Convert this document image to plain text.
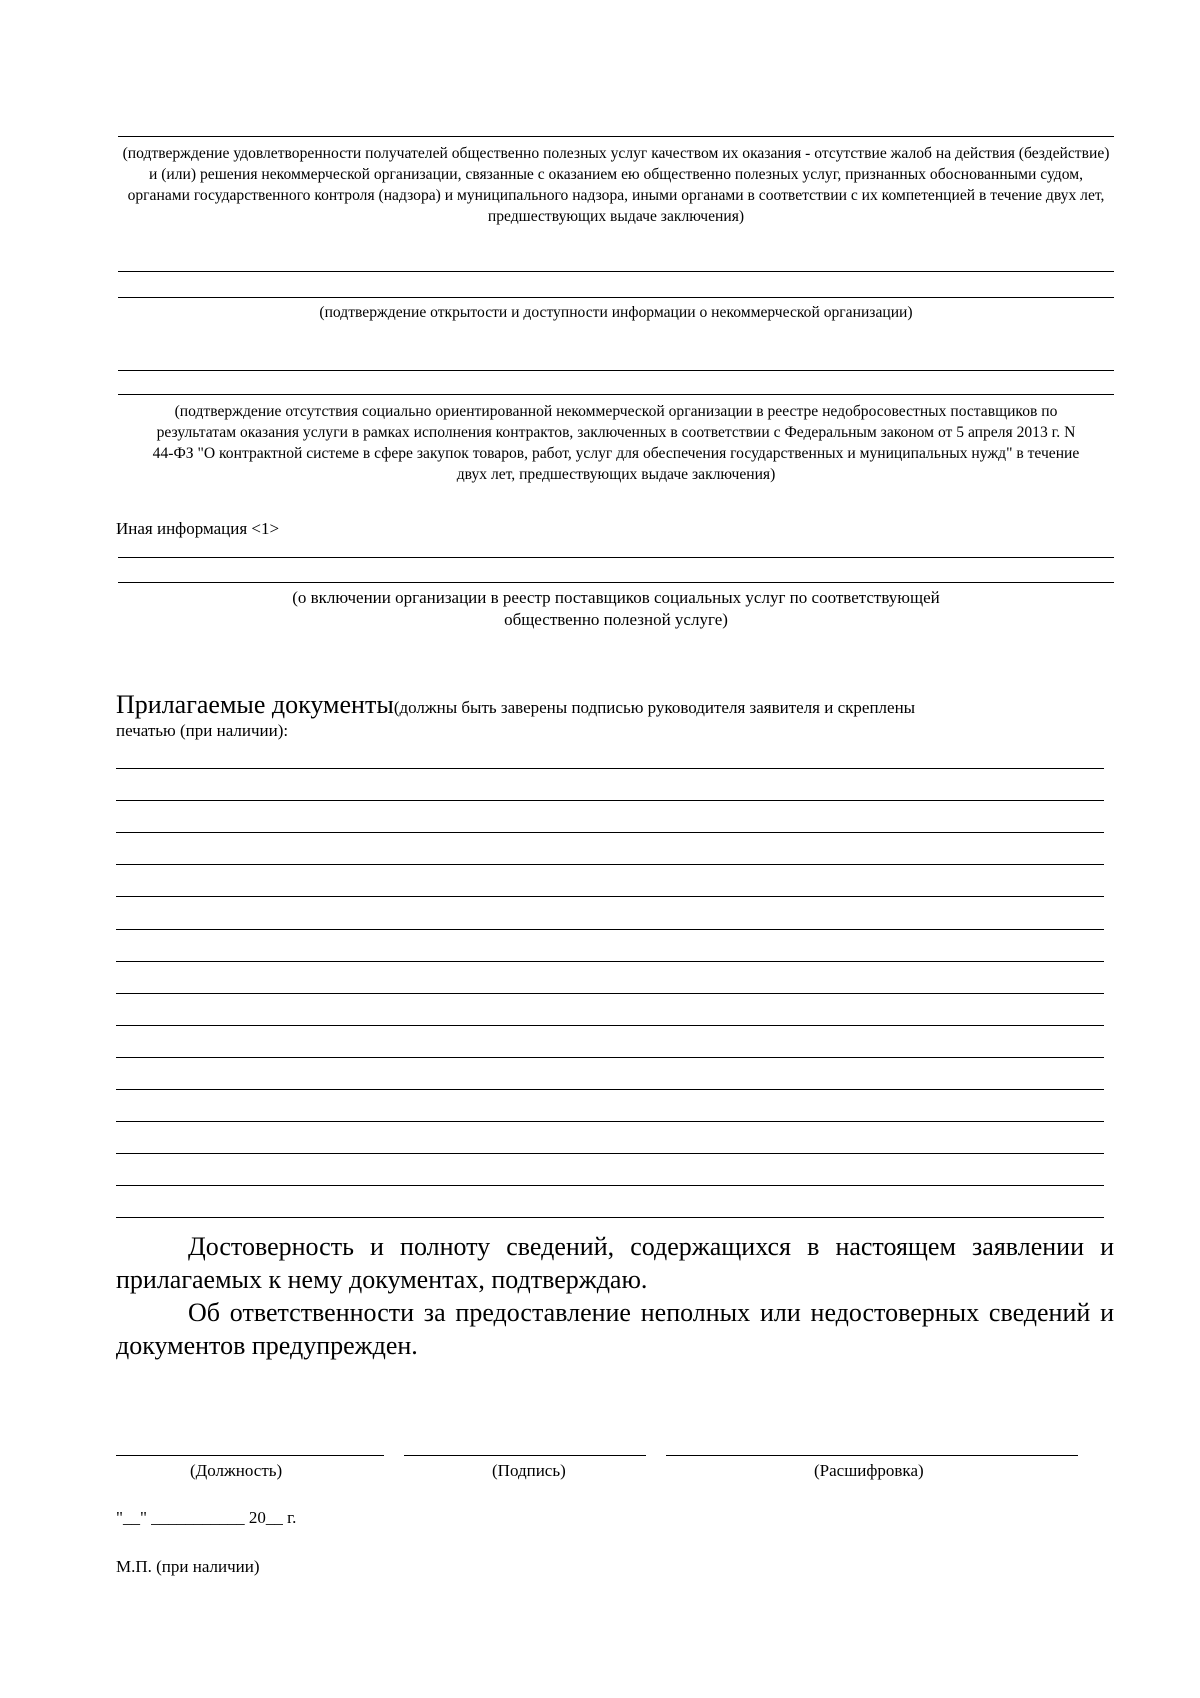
(подтверждение удовлетворенности получателей общественно полезных услуг качеством их оказания - отсутствие жалоб на действия (бездействие) и (или) решения некоммерческой организации, связанные с оказанием ею общественно полезных услуг, признанных обоснованными судом, органами государственного контроля (надзора) и муниципального надзора, иными органами в соответствии с их компетенцией в течение двух лет, предшествующих выдаче заключения)
(подтверждение открытости и доступности информации о некоммерческой организации)
(подтверждение отсутствия социально ориентированной некоммерческой организации в реестре недобросовестных поставщиков по результатам оказания услуги в рамках исполнения контрактов, заключенных в соответствии с Федеральным законом от 5 апреля 2013 г. N 44-ФЗ "О контрактной системе в сфере закупок товаров, работ, услуг для обеспечения государственных и муниципальных нужд" в течение двух лет, предшествующих выдаче заключения)
Иная информация <1>
(о включении организации в реестр поставщиков социальных услуг по соответствующей
общественно полезной услуге)
Прилагаемые документы(должны быть заверены подписью руководителя заявителя и скреплены
печатью (при наличии):
Достоверность и полноту сведений, содержащихся в настоящем заявлении и прилагаемых к нему документах, подтверждаю.
Об ответственности за предоставление неполных или недостоверных сведений и документов предупрежден.
(Должность)	(Подпись)	(Расшифровка)
"__" ___________ 20__ г.
М.П. (при наличии)
